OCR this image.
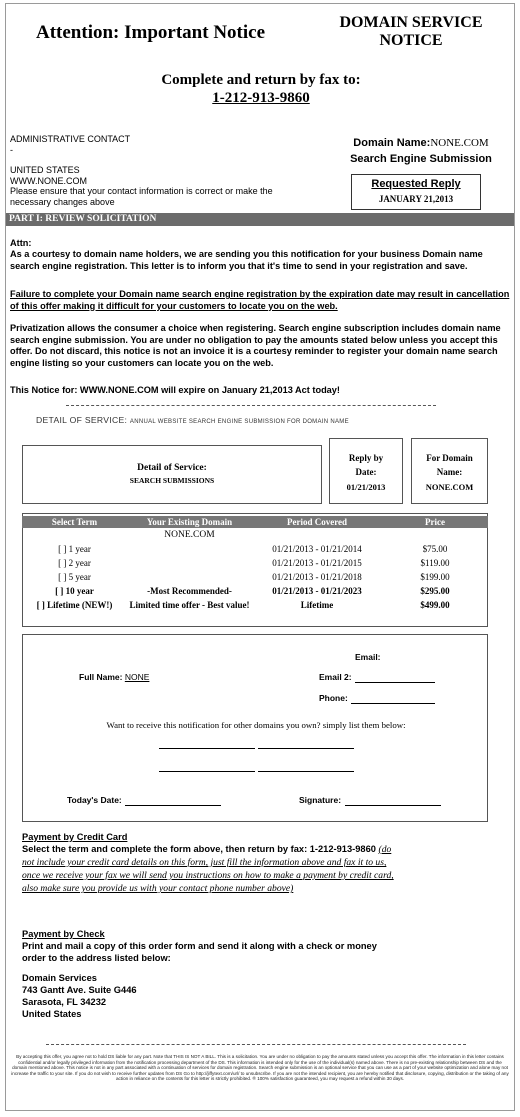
Attention: Important Notice	DOMAIN SERVICE
NOTICE
Complete and return by fax to:
1-212-913-9860
ADMINISTRATIVE CONTACT
-
UNITED STATES
WWW.NONE.COM
Please ensure that your contact information is correct or make the necessary changes above
Domain Name:NONE.COM
Search Engine Submission
Requested Reply
JANUARY 21,2013
PART I: REVIEW SOLICITATION
Attn:
As a courtesy to domain name holders, we are sending you this notification for your business Domain name search engine registration. This letter is to inform you that it's time to send in your registration and save.
Failure to complete your Domain name search engine registration by the expiration date may result in cancellation of this offer making it difficult for your customers to locate you on the web.
Privatization allows the consumer a choice when registering. Search engine subscription includes domain name search engine submission. You are under no obligation to pay the amounts stated below unless you accept this offer. Do not discard, this notice is not an invoice it is a courtesy reminder to register your domain name search engine listing so your customers can locate you on the web.
This Notice for: WWW.NONE.COM will expire on January 21,2013 Act today!
DETAIL OF SERVICE: ANNUAL WEBSITE SEARCH ENGINE SUBMISSION FOR DOMAIN NAME
Detail of Service:
SEARCH SUBMISSIONS
Reply by
Date:
01/21/2013
For Domain
Name:
NONE.COM
Select Term	Your Existing Domain	Period Covered	Price
	NONE.COM		
[ ] 1 year		01/21/2013 - 01/21/2014	$75.00
[ ] 2 year		01/21/2013 - 01/21/2015	$119.00
[ ] 5 year		01/21/2013 - 01/21/2018	$199.00
[ ] 10 year	-Most Recommended-	01/21/2013 - 01/21/2023	$295.00
[ ] Lifetime (NEW!)	Limited time offer - Best value!	Lifetime	$499.00
Email:
Full Name: NONE	Email 2:
Phone:
Want to receive this notification for other domains you own? simply list them below:
Today's Date:	Signature:
Payment by Credit Card
Select the term and complete the form above, then return by fax: 1-212-913-9860 (do not include your credit card details on this form, just fill the information above and fax it to us, once we receive your fax we will send you instructions on how to make a payment by credit card, also make sure you provide us with your contact phone number above)
Payment by Check
Print and mail a copy of this order form and send it along with a check or money order to the address listed below:
Domain Services
743 Gantt Ave. Suite G446
Sarasota, FL 34232
United States
By accepting this offer, you agree not to hold DS liable for any part. Note that THIS IS NOT A BILL. This is a solicitation. You are under no obligation to pay the amounts stated unless you accept this offer. The information in this letter contains confidential and/or legally privileged information from the notification processing department of the DS. This information is intended only for the use of the individual(s) named above. There is no pre-existing relationship between DS and the domain mentioned above. This notice is not in any part associated with a continuation of services for domain registration. Search engine submission is an optional service that you can use as a part of your website optimization and alone may not increase the traffic to your site. If you do not wish to receive further updates from DS Go to http://jiffytext.com/url/ to unsubscribe. If you are not the intended recipient, you are hereby notified that disclosure, copying, distribution or the taking of any action in reliance on the contents for this letter is strictly prohibited. ® 100% satisfaction guaranteed, you may request a refund within 30 days.
